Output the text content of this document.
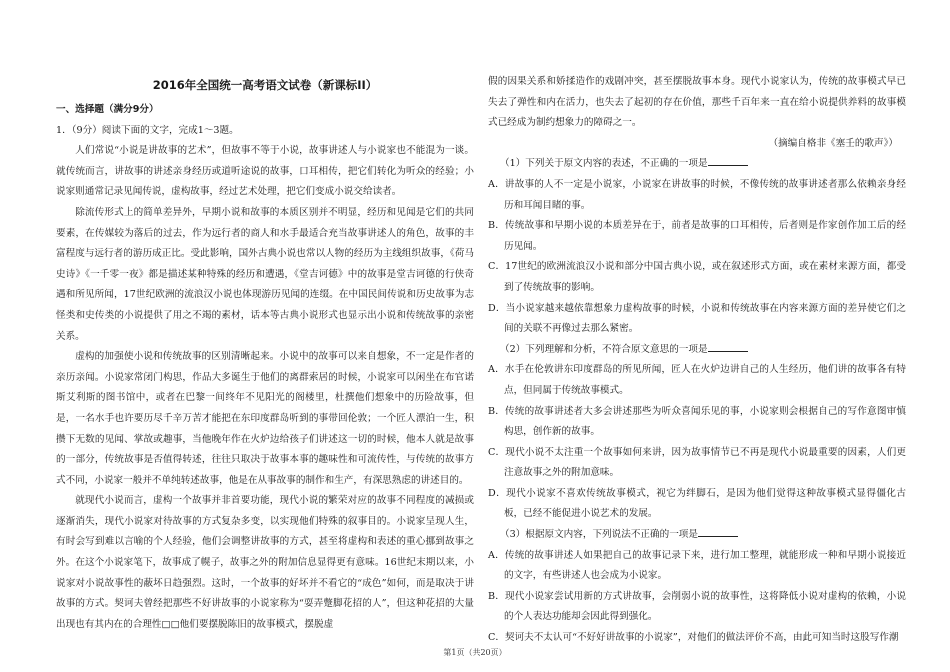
2016年全国统一高考语文试卷（新课标II）
一、选择题（满分9分）

1．（9分）阅读下面的文字，完成1～3题。

人们常说“小说是讲故事的艺术”，但故事不等于小说，故事讲述人与小说家也不能混为一谈。就传统而言，讲故事的讲述亲身经历或道听途说的故事，口耳相传，把它们转化为听众的经验；小说家则通常记录见闻传说，虚构故事，经过艺术处理，把它们变成小说交给读者。

除流传形式上的简单差异外，早期小说和故事的本质区别并不明显，经历和见闻是它们的共同要素，在传媒较为落后的过去，作为远行者的商人和水手最适合充当故事讲述人的角色，故事的丰富程度与远行者的游历成正比。受此影响，国外古典小说也常以人物的经历为主线组织故事，《荷马史诗》《一千零一夜》都是描述某种特殊的经历和遭遇，《堂吉诃德》中的故事是堂吉诃德的行侠奇遇和所见所闻，17世纪欧洲的流浪汉小说也体现游历见闻的连缀。在中国民间传说和历史故事为志怪类和史传类的小说提供了用之不竭的素材，话本等古典小说形式也显示出小说和传统故事的亲密关系。

虚构的加强使小说和传统故事的区别清晰起来。小说中的故事可以来自想象，不一定是作者的亲历亲闻。小说家常闭门构思，作品大多诞生于他们的离群索居的时候，小说家可以闲坐在布官诺斯艾利斯的图书馆中，或者在巴黎一间终年不见阳光的阁楼里，杜撰他们想象中的历险故事，但是，一名水手也许要历尽千辛万苦才能把在东印度群岛听到的事带回伦敦；一个匠人漂泊一生，积攒下无数的见闻、掌故或趣事，当他晚年作在火炉边给孩子们讲述这一切的时候，他本人就是故事的一部分，传统故事是否值得转述，往往只取决于故事本事的趣味性和可流传性，与传统的故事方式不同，小说家一般并不单纯转述故事，他是在从事故事的制作和生产，有深思熟虑的讲述目的。

就现代小说而言，虚构一个故事并非首要功能，现代小说的繁荣对应的故事不同程度的减损或逐渐消失，现代小说家对待故事的方式复杂多变，以实现他们特殊的叙事目的。小说家呈现人生，有时会写到难以言喻的个人经验，他们会调整讲故事的方式，甚至将虚构和表述的重心挪到故事之外。在这个小说家笔下，故事成了幌子，故事之外的附加信息显得更有意味。16世纪末期以来，小说家对小说故事性的蔽坏日趋强烈。这时，一个故事的好坏并不看它的“成色”如何，而是取决于讲故事的方式。契诃夫曾经把那些不好讲故事的小说家称为“耍弄蹩脚花招的人”，但这种花招的大量出现也有其内在的合理性□□他们要摆脱陈旧的故事模式，摆脱虚

假的因果关系和娇揉造作的戏剧冲突，甚至摆脱故事本身。现代小说家认为，传统的故事模式早已失去了弹性和内在活力，也失去了起初的存在价值，那些千百年来一直在给小说提供养料的故事模式已经成为制约想象力的障碍之一。

（摘编自格非《塞壬的歌声》）

（1）下列关于原文内容的表述，不正确的一项是

A．讲故事的人不一定是小说家，小说家在讲故事的时候，不像传统的故事讲述者那么依赖亲身经历和耳闻目睹的事。

B．传统故事和早期小说的本质差异在于，前者是故事的口耳相传，后者则是作家创作加工后的经历见闻。

C．17世纪的欧洲流浪汉小说和部分中国古典小说，或在叙述形式方面，或在素材来源方面，都受到了传统故事的影响。

D．当小说家越来越依靠想象力虚构故事的时候，小说和传统故事在内容来源方面的差异使它们之间的关联不再像过去那么紧密。

（2）下列理解和分析，不符合原文意思的一项是

A．水手在伦敦讲东印度群岛的所见所闻，匠人在火炉边讲自己的人生经历，他们讲的故事各有特点，但同属于传统故事模式。

B．传统的故事讲述者大多会讲述那些为听众喜闻乐见的事，小说家则会根据自己的写作意图审慎构思，创作新的故事。

C．现代小说不太注重一个故事如何来讲，因为故事情节已不再是现代小说最重要的因素，人们更注意故事之外的附加意味。

D．现代小说家不喜欢传统故事模式，视它为绊脚石，是因为他们觉得这种故事模式显得僵化古板，已经不能促进小说艺术的发展。

（3）根据原文内容，下列说法不正确的一项是

A．传统的故事讲述人如果把自己的故事记录下来，进行加工整理，就能形成一种和早期小说接近的文字，有些讲述人也会成为小说家。

B．现代小说家尝试用新的方式讲故事，会削弱小说的故事性，这将降低小说对虚构的依赖，小说的个人表达功能却会因此得到强化。

C．契诃夫不太认可“不好好讲故事的小说家”，对他们的做法评价不高，由此可知当时这股写作潮

第1页（共20页）
